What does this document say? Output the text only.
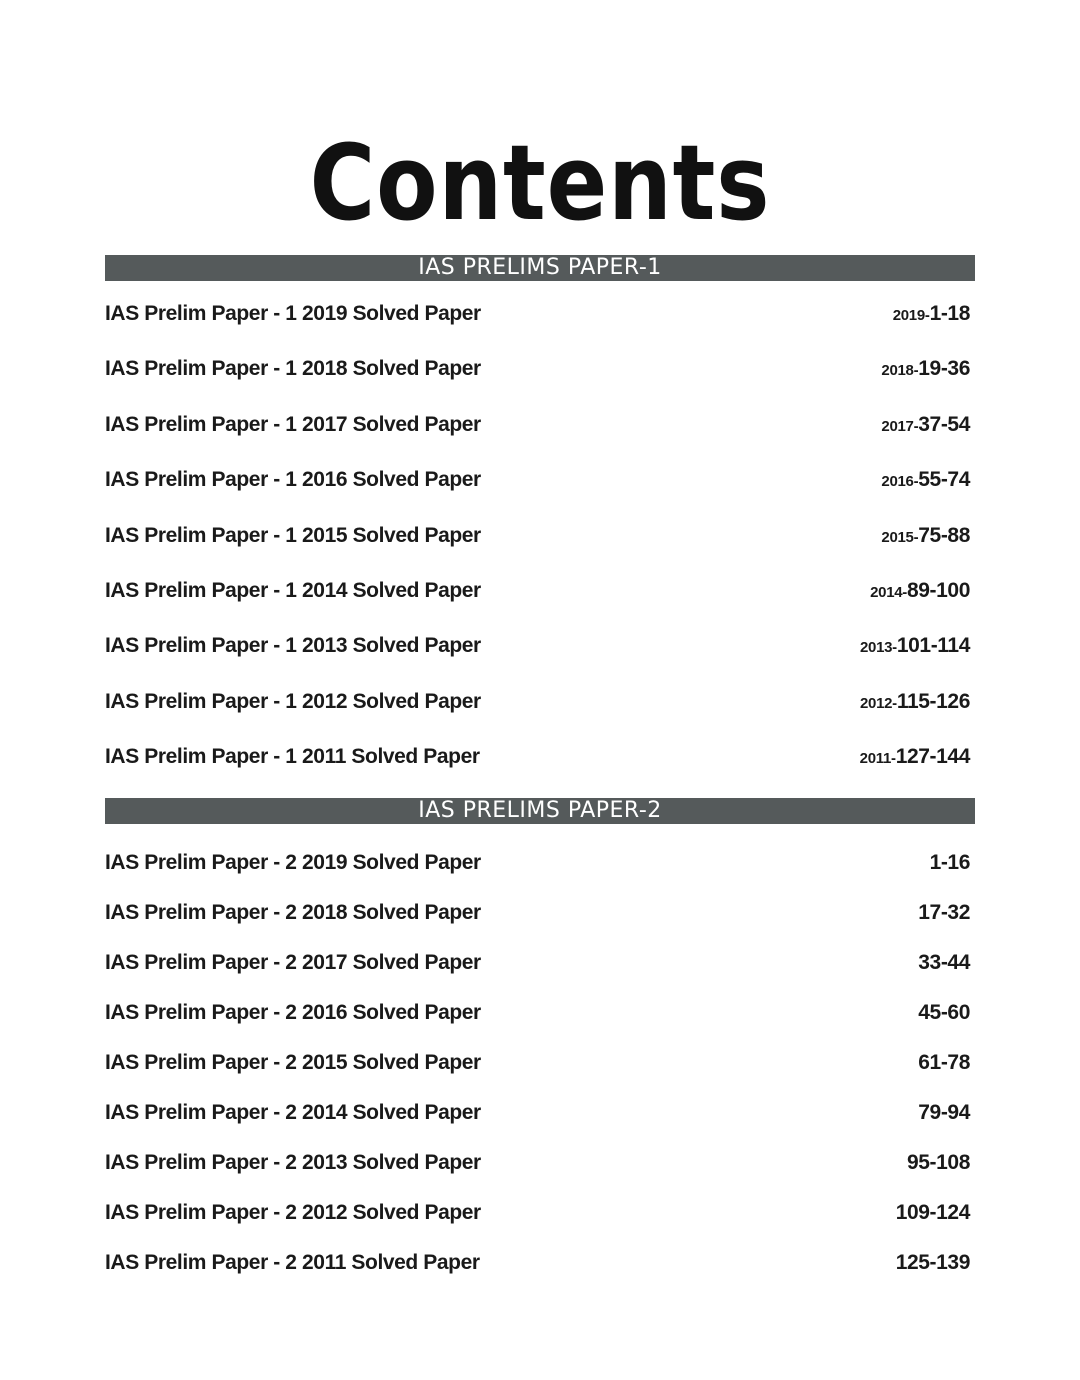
Contents
IAS PRELIMS PAPER-1
IAS Prelim Paper - 1 2019 Solved Paper	2019-1-18
IAS Prelim Paper - 1 2018 Solved Paper	2018-19-36
IAS Prelim Paper - 1 2017 Solved Paper	2017-37-54
IAS Prelim Paper - 1 2016 Solved Paper	2016-55-74
IAS Prelim Paper - 1 2015 Solved Paper	2015-75-88
IAS Prelim Paper - 1 2014 Solved Paper	2014-89-100
IAS Prelim Paper - 1 2013 Solved Paper	2013-101-114
IAS Prelim Paper - 1 2012 Solved Paper	2012-115-126
IAS Prelim Paper - 1 2011 Solved Paper	2011-127-144
IAS PRELIMS PAPER-2
IAS Prelim Paper - 2 2019 Solved Paper	1-16
IAS Prelim Paper - 2 2018 Solved Paper	17-32
IAS Prelim Paper - 2 2017 Solved Paper	33-44
IAS Prelim Paper - 2 2016 Solved Paper	45-60
IAS Prelim Paper - 2 2015 Solved Paper	61-78
IAS Prelim Paper - 2 2014 Solved Paper	79-94
IAS Prelim Paper - 2 2013 Solved Paper	95-108
IAS Prelim Paper - 2 2012 Solved Paper	109-124
IAS Prelim Paper - 2 2011 Solved Paper	125-139
